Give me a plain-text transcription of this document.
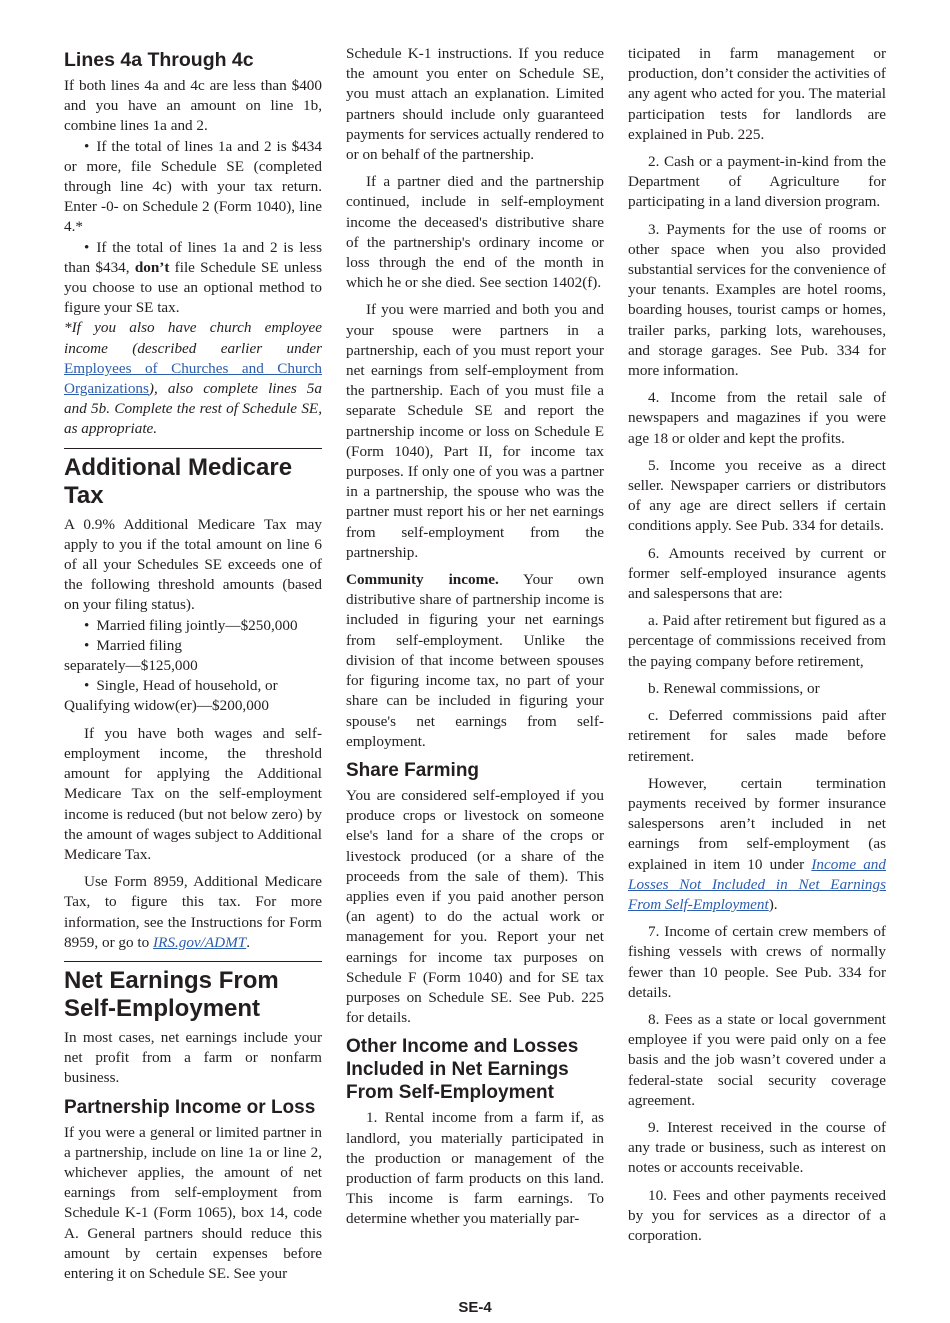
Lines 4a Through 4c

If both lines 4a and 4c are less than $400 and you have an amount on line 1b, combine lines 1a and 2.

• If the total of lines 1a and 2 is $434 or more, file Schedule SE (completed through line 4c) with your tax return. Enter -0- on Schedule 2 (Form 1040), line 4.*

• If the total of lines 1a and 2 is less than $434, don’t file Schedule SE unless you choose to use an optional method to figure your SE tax.

*If you also have church employee income (described earlier under Employees of Churches and Church Organizations), also complete lines 5a and 5b. Complete the rest of Schedule SE, as appropriate.

Additional Medicare Tax

A 0.9% Additional Medicare Tax may apply to you if the total amount on line 6 of all your Schedules SE exceeds one of the following threshold amounts (based on your filing status).

• Married filing jointly—$250,000

• Married filing

separately—$125,000

• Single, Head of household, or

Qualifying widow(er)—$200,000

If you have both wages and self-employment income, the threshold amount for applying the Additional Medicare Tax on the self-employment income is reduced (but not below zero) by the amount of wages subject to Additional Medicare Tax.

Use Form 8959, Additional Medicare Tax, to figure this tax. For more information, see the Instructions for Form 8959, or go to IRS.gov/ADMT.

Net Earnings From Self-Employment

In most cases, net earnings include your net profit from a farm or nonfarm business.

Partnership Income or Loss

If you were a general or limited partner in a partnership, include on line 1a or line 2, whichever applies, the amount of net earnings from self-employment from Schedule K-1 (Form 1065), box 14, code A. General partners should reduce this amount by certain expenses before entering it on Schedule SE. See your

Schedule K-1 instructions. If you reduce the amount you enter on Schedule SE, you must attach an explanation. Limited partners should include only guaranteed payments for services actually rendered to or on behalf of the partnership.

If a partner died and the partnership continued, include in self-employment income the deceased's distributive share of the partnership's ordinary income or loss through the end of the month in which he or she died. See section 1402(f).

If you were married and both you and your spouse were partners in a partnership, each of you must report your net earnings from self-employment from the partnership. Each of you must file a separate Schedule SE and report the partnership income or loss on Schedule E (Form 1040), Part II, for income tax purposes. If only one of you was a partner in a partnership, the spouse who was the partner must report his or her net earnings from self-employment from the partnership.

Community income. Your own distributive share of partnership income is included in figuring your net earnings from self-employment. Unlike the division of that income between spouses for figuring income tax, no part of your share can be included in figuring your spouse's net earnings from self-employment.

Share Farming

You are considered self-employed if you produce crops or livestock on someone else's land for a share of the crops or livestock produced (or a share of the proceeds from the sale of them). This applies even if you paid another person (an agent) to do the actual work or management for you. Report your net earnings for income tax purposes on Schedule F (Form 1040) and for SE tax purposes on Schedule SE. See Pub. 225 for details.

Other Income and Losses Included in Net Earnings From Self-Employment

1. Rental income from a farm if, as landlord, you materially participated in the production or management of the production of farm products on this land. This income is farm earnings. To determine whether you materially par-

ticipated in farm management or production, don’t consider the activities of any agent who acted for you. The material participation tests for landlords are explained in Pub. 225.

2. Cash or a payment-in-kind from the Department of Agriculture for participating in a land diversion program.

3. Payments for the use of rooms or other space when you also provided substantial services for the convenience of your tenants. Examples are hotel rooms, boarding houses, tourist camps or homes, trailer parks, parking lots, warehouses, and storage garages. See Pub. 334 for more information.

4. Income from the retail sale of newspapers and magazines if you were age 18 or older and kept the profits.

5. Income you receive as a direct seller. Newspaper carriers or distributors of any age are direct sellers if certain conditions apply. See Pub. 334 for details.

6. Amounts received by current or former self-employed insurance agents and salespersons that are:

a. Paid after retirement but figured as a percentage of commissions received from the paying company before retirement,

b. Renewal commissions, or

c. Deferred commissions paid after retirement for sales made before retirement.

However, certain termination payments received by former insurance salespersons aren’t included in net earnings from self-employment (as explained in item 10 under Income and Losses Not Included in Net Earnings From Self-Employment).

7. Income of certain crew members of fishing vessels with crews of normally fewer than 10 people. See Pub. 334 for details.

8. Fees as a state or local government employee if you were paid only on a fee basis and the job wasn’t covered under a federal-state social security coverage agreement.

9. Interest received in the course of any trade or business, such as interest on notes or accounts receivable.

10. Fees and other payments received by you for services as a director of a corporation.

SE-4
